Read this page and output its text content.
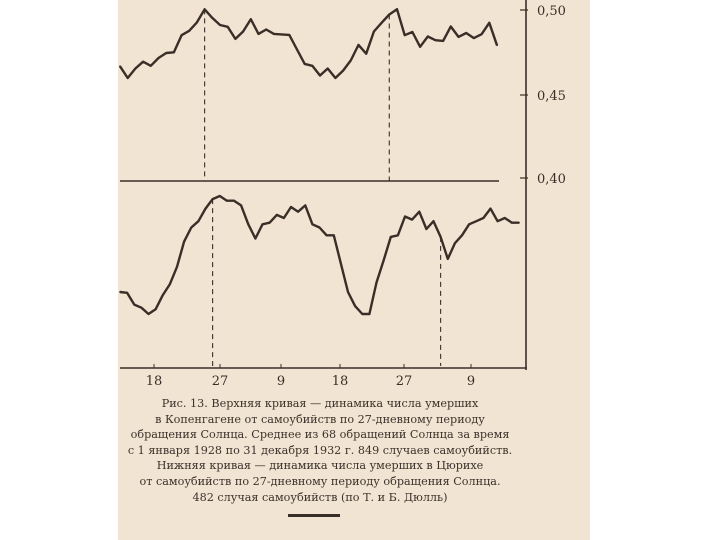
0,50
0,45
0,40
18	27	9	18	27	9
Рис. 13. Верхняя кривая — динамика числа умерших
в Копенгагене от самоубийств по 27-дневному периоду
обращения Солнца. Среднее из 68 обращений Солнца за время
с 1 января 1928 по 31 декабря 1932 г. 849 случаев самоубийств.
Нижняя кривая — динамика числа умерших в Цюрихе
от самоубийств по 27-дневному периоду обращения Солнца.
482 случая самоубийств (по Т. и Б. Дюлль)
